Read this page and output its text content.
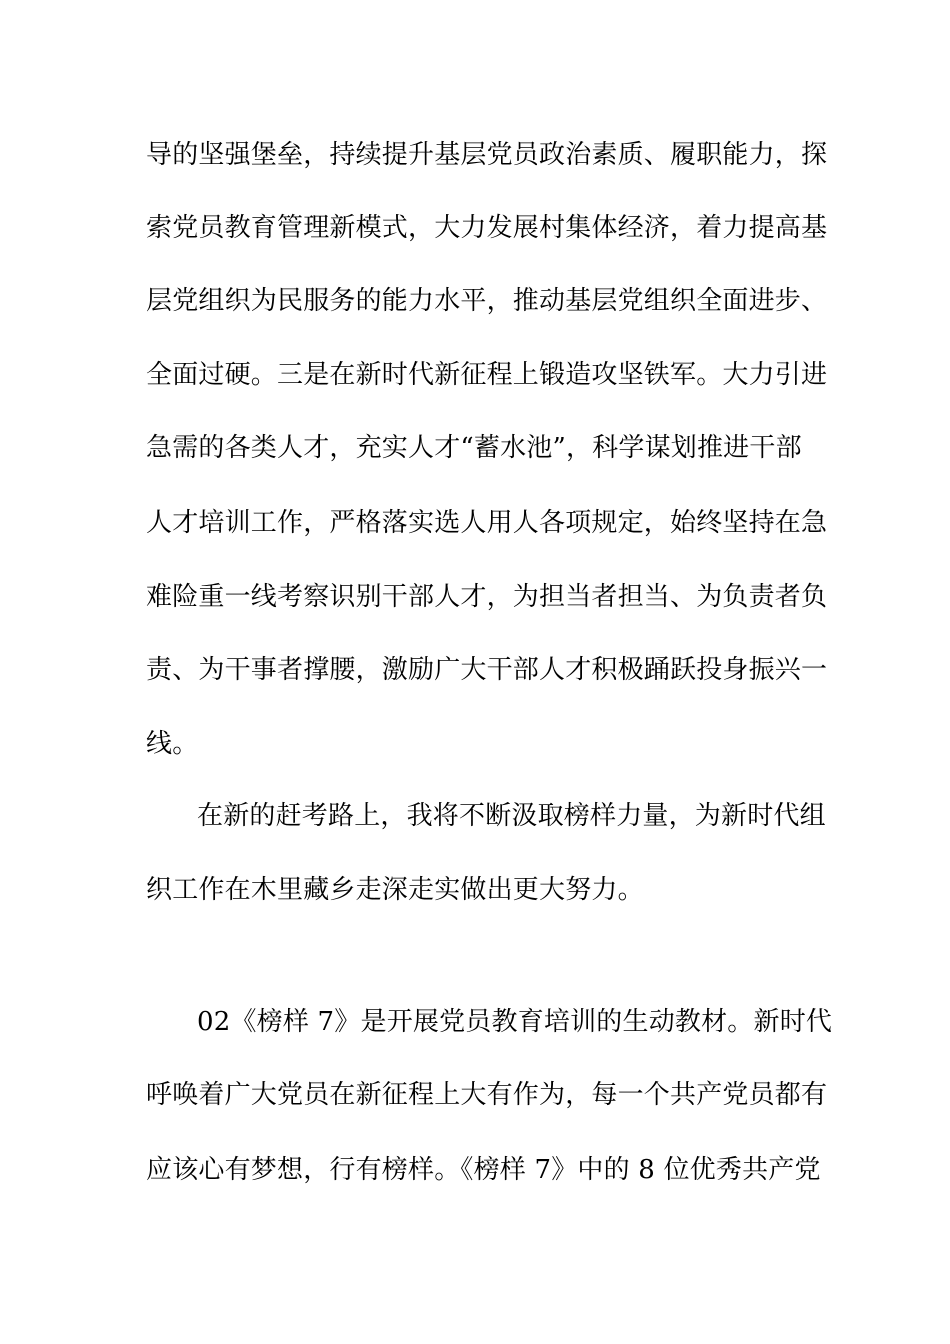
导的坚强堡垒，持续提升基层党员政治素质、履职能力，探
索党员教育管理新模式，大力发展村集体经济，着力提高基
层党组织为民服务的能力水平，推动基层党组织全面进步、
全面过硬。三是在新时代新征程上锻造攻坚铁军。大力引进
急需的各类人才，充实人才“蓄水池”，科学谋划推进干部
人才培训工作，严格落实选人用人各项规定，始终坚持在急
难险重一线考察识别干部人才，为担当者担当、为负责者负
责、为干事者撑腰，激励广大干部人才积极踊跃投身振兴一
线。
在新的赶考路上，我将不断汲取榜样力量，为新时代组
织工作在木里藏乡走深走实做出更大努力。
02《榜样 7》是开展党员教育培训的生动教材。新时代
呼唤着广大党员在新征程上大有作为，每一个共产党员都有
应该心有梦想，行有榜样。《榜样 7》中的 8 位优秀共产党
